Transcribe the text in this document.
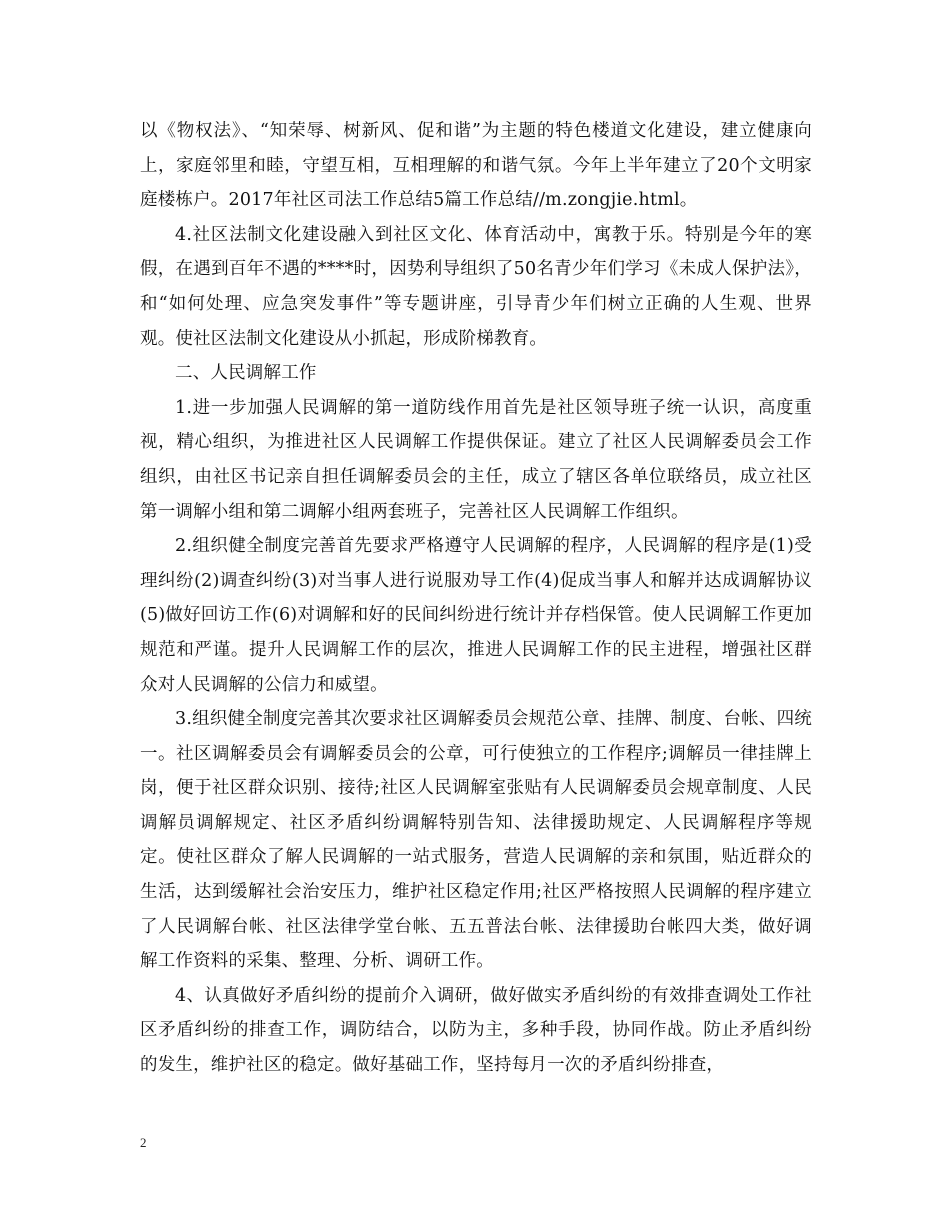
以《物权法》、“知荣辱、树新风、促和谐”为主题的特色楼道文化建设，建立健康向上，家庭邻里和睦，守望互相，互相理解的和谐气氛。今年上半年建立了20个文明家庭楼栋户。2017年社区司法工作总结5篇工作总结//m.zongjie.html。

4.社区法制文化建设融入到社区文化、体育活动中，寓教于乐。特别是今年的寒假，在遇到百年不遇的****时，因势利导组织了50名青少年们学习《未成人保护法》，和“如何处理、应急突发事件”等专题讲座，引导青少年们树立正确的人生观、世界观。使社区法制文化建设从小抓起，形成阶梯教育。

二、人民调解工作

1.进一步加强人民调解的第一道防线作用首先是社区领导班子统一认识，高度重视，精心组织，为推进社区人民调解工作提供保证。建立了社区人民调解委员会工作组织，由社区书记亲自担任调解委员会的主任，成立了辖区各单位联络员，成立社区第一调解小组和第二调解小组两套班子，完善社区人民调解工作组织。

2.组织健全制度完善首先要求严格遵守人民调解的程序，人民调解的程序是(1)受理纠纷(2)调查纠纷(3)对当事人进行说服劝导工作(4)促成当事人和解并达成调解协议(5)做好回访工作(6)对调解和好的民间纠纷进行统计并存档保管。使人民调解工作更加规范和严谨。提升人民调解工作的层次，推进人民调解工作的民主进程，增强社区群众对人民调解的公信力和威望。

3.组织健全制度完善其次要求社区调解委员会规范公章、挂牌、制度、台帐、四统一。社区调解委员会有调解委员会的公章，可行使独立的工作程序;调解员一律挂牌上岗，便于社区群众识别、接待;社区人民调解室张贴有人民调解委员会规章制度、人民调解员调解规定、社区矛盾纠纷调解特别告知、法律援助规定、人民调解程序等规定。使社区群众了解人民调解的一站式服务，营造人民调解的亲和氛围，贴近群众的生活，达到缓解社会治安压力，维护社区稳定作用;社区严格按照人民调解的程序建立了人民调解台帐、社区法律学堂台帐、五五普法台帐、法律援助台帐四大类，做好调解工作资料的采集、整理、分析、调研工作。

4、认真做好矛盾纠纷的提前介入调研，做好做实矛盾纠纷的有效排查调处工作社区矛盾纠纷的排查工作，调防结合，以防为主，多种手段，协同作战。防止矛盾纠纷的发生，维护社区的稳定。做好基础工作，坚持每月一次的矛盾纠纷排查，

2
